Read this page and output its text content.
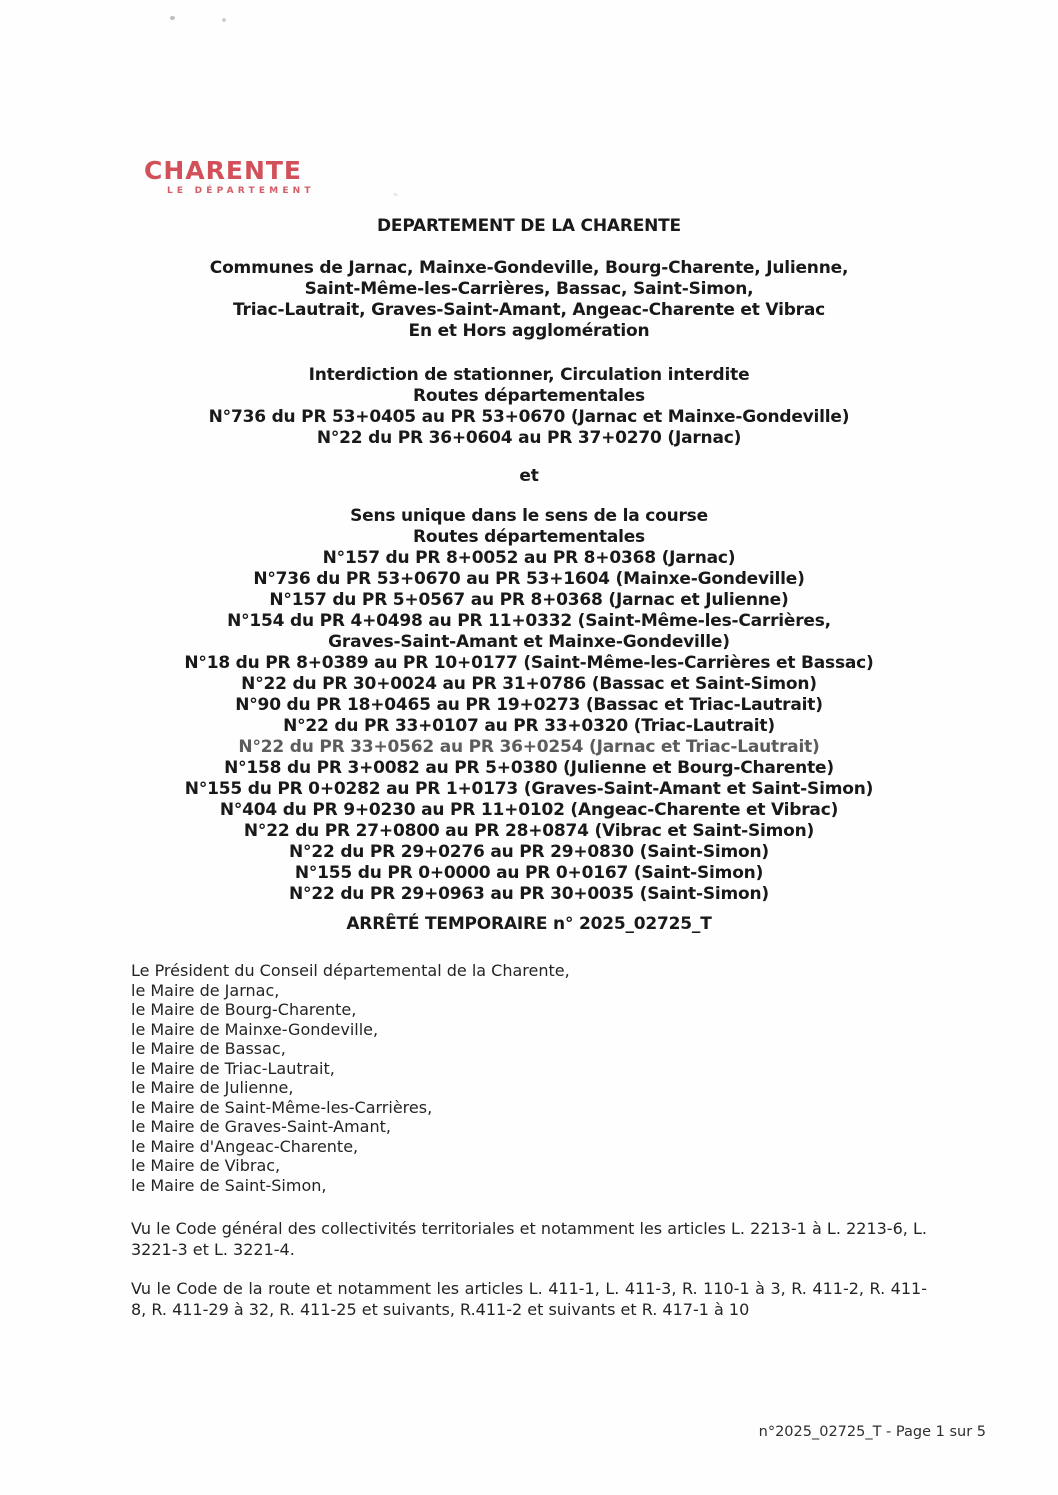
CHARENTE
LE DÉPARTEMENT
DEPARTEMENT DE LA CHARENTE
Communes de Jarnac, Mainxe-Gondeville, Bourg-Charente, Julienne,
Saint-Même-les-Carrières, Bassac, Saint-Simon,
Triac-Lautrait, Graves-Saint-Amant, Angeac-Charente et Vibrac
En et Hors agglomération
Interdiction de stationner, Circulation interdite
Routes départementales
N°736 du PR 53+0405 au PR 53+0670 (Jarnac et Mainxe-Gondeville)
N°22 du PR 36+0604 au PR 37+0270 (Jarnac)
et
Sens unique dans le sens de la course
Routes départementales
N°157 du PR 8+0052 au PR 8+0368 (Jarnac)
N°736 du PR 53+0670 au PR 53+1604 (Mainxe-Gondeville)
N°157 du PR 5+0567 au PR 8+0368 (Jarnac et Julienne)
N°154 du PR 4+0498 au PR 11+0332 (Saint-Même-les-Carrières,
Graves-Saint-Amant et Mainxe-Gondeville)
N°18 du PR 8+0389 au PR 10+0177 (Saint-Même-les-Carrières et Bassac)
N°22 du PR 30+0024 au PR 31+0786 (Bassac et Saint-Simon)
N°90 du PR 18+0465 au PR 19+0273 (Bassac et Triac-Lautrait)
N°22 du PR 33+0107 au PR 33+0320 (Triac-Lautrait)
N°22 du PR 33+0562 au PR 36+0254 (Jarnac et Triac-Lautrait)
N°158 du PR 3+0082 au PR 5+0380 (Julienne et Bourg-Charente)
N°155 du PR 0+0282 au PR 1+0173 (Graves-Saint-Amant et Saint-Simon)
N°404 du PR 9+0230 au PR 11+0102 (Angeac-Charente et Vibrac)
N°22 du PR 27+0800 au PR 28+0874 (Vibrac et Saint-Simon)
N°22 du PR 29+0276 au PR 29+0830 (Saint-Simon)
N°155 du PR 0+0000 au PR 0+0167 (Saint-Simon)
N°22 du PR 29+0963 au PR 30+0035 (Saint-Simon)
ARRÊTÉ TEMPORAIRE n° 2025_02725_T
Le Président du Conseil départemental de la Charente,
le Maire de Jarnac,
le Maire de Bourg-Charente,
le Maire de Mainxe-Gondeville,
le Maire de Bassac,
le Maire de Triac-Lautrait,
le Maire de Julienne,
le Maire de Saint-Même-les-Carrières,
le Maire de Graves-Saint-Amant,
le Maire d'Angeac-Charente,
le Maire de Vibrac,
le Maire de Saint-Simon,
Vu le Code général des collectivités territoriales et notamment les articles L. 2213-1 à L. 2213-6, L. 3221-3 et L. 3221-4.
Vu le Code de la route et notamment les articles L. 411-1, L. 411-3, R. 110-1 à 3, R. 411-2, R. 411-8, R. 411-29 à 32, R. 411-25 et suivants, R.411-2 et suivants et R. 417-1 à 10
n°2025_02725_T - Page 1 sur 5
